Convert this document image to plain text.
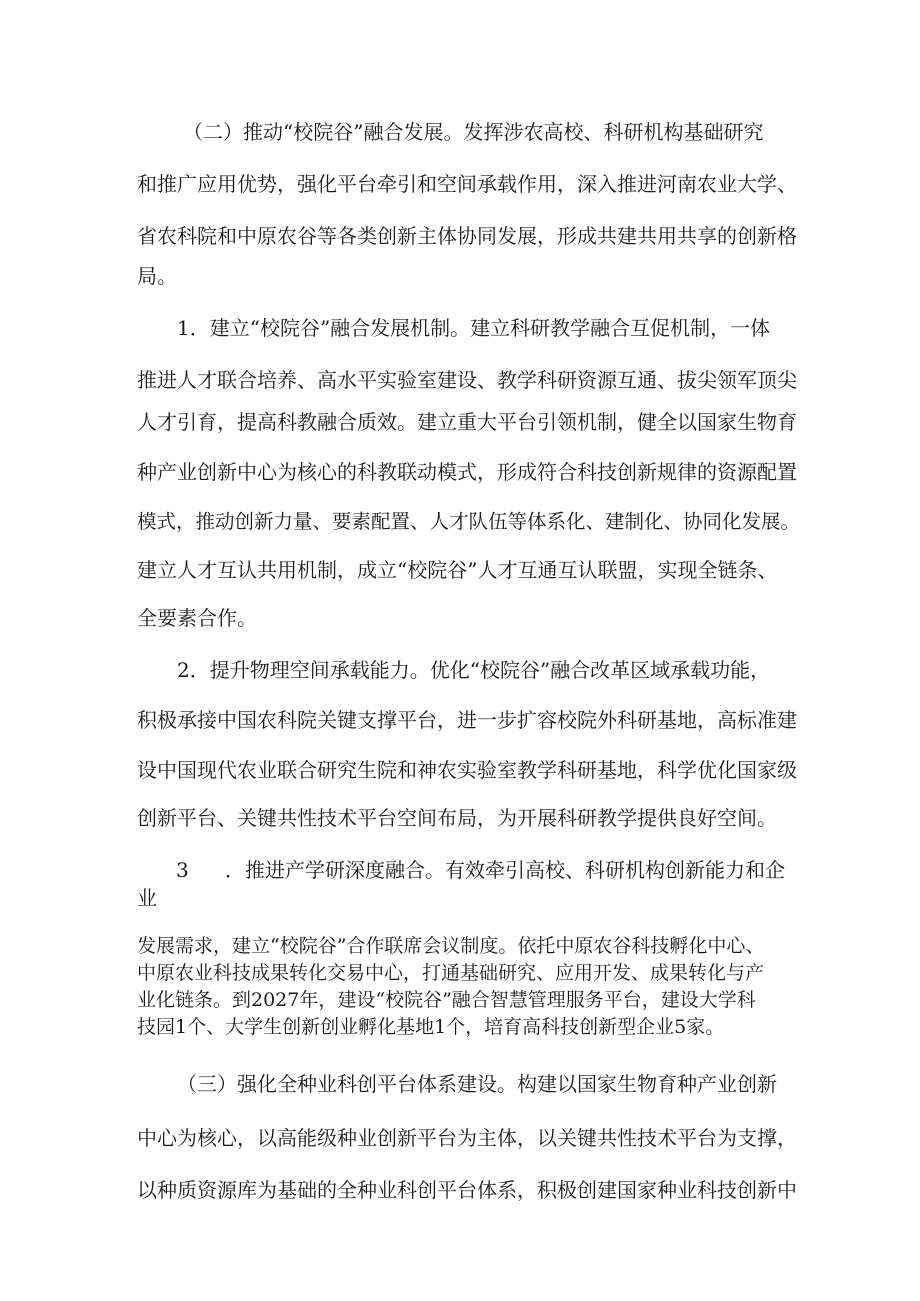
（二）推动“校院谷”融合发展。发挥涉农高校、科研机构基础研究
和推广应用优势，强化平台牵引和空间承载作用，深入推进河南农业大学、
省农科院和中原农谷等各类创新主体协同发展，形成共建共用共享的创新格
局。
1．建立“校院谷”融合发展机制。建立科研教学融合互促机制，一体
推进人才联合培养、高水平实验室建设、教学科研资源互通、拔尖领军顶尖
人才引育，提高科教融合质效。建立重大平台引领机制，健全以国家生物育
种产业创新中心为核心的科教联动模式，形成符合科技创新规律的资源配置
模式，推动创新力量、要素配置、人才队伍等体系化、建制化、协同化发展。
建立人才互认共用机制，成立“校院谷”人才互通互认联盟，实现全链条、
全要素合作。
2．提升物理空间承载能力。优化“校院谷”融合改革区域承载功能，
积极承接中国农科院关键支撑平台，进一步扩容校院外科研基地，高标准建
设中国现代农业联合研究生院和神农实验室教学科研基地，科学优化国家级
创新平台、关键共性技术平台空间布局，为开展科研教学提供良好空间。
3 ．推进产学研深度融合。有效牵引高校、科研机构创新能力和企
业
发展需求，建立“校院谷”合作联席会议制度。依托中原农谷科技孵化中心、
中原农业科技成果转化交易中心，打通基础研究、应用开发、成果转化与产
业化链条。到2027年，建设“校院谷”融合智慧管理服务平台，建设大学科
技园1个、大学生创新创业孵化基地1个，培育高科技创新型企业5家。
（三）强化全种业科创平台体系建设。构建以国家生物育种产业创新
中心为核心，以高能级种业创新平台为主体，以关键共性技术平台为支撑，
以种质资源库为基础的全种业科创平台体系，积极创建国家种业科技创新中
